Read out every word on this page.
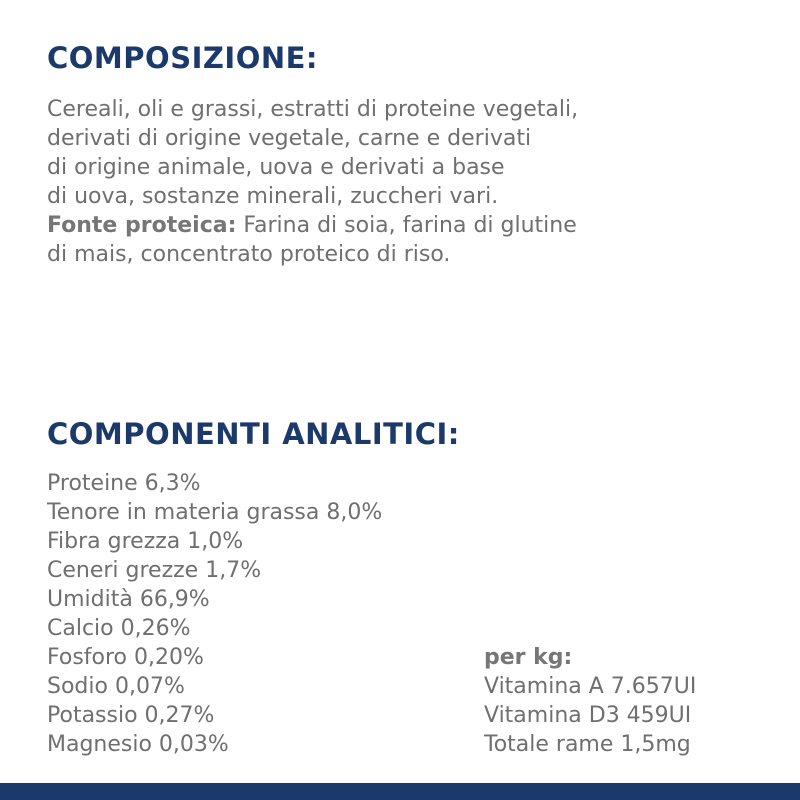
COMPOSIZIONE:
Cereali, oli e grassi, estratti di proteine vegetali,
derivati di origine vegetale, carne e derivati
di origine animale, uova e derivati a base
di uova, sostanze minerali, zuccheri vari.
Fonte proteica: Farina di soia, farina di glutine
di mais, concentrato proteico di riso.
COMPONENTI ANALITICI:
Proteine 6,3%
Tenore in materia grassa 8,0%
Fibra grezza 1,0%
Ceneri grezze 1,7%
Umidità 66,9%
Calcio 0,26%
Fosforo 0,20%
Sodio 0,07%
Potassio 0,27%
Magnesio 0,03%
per kg:
Vitamina A 7.657UI
Vitamina D3 459UI
Totale rame 1,5mg
